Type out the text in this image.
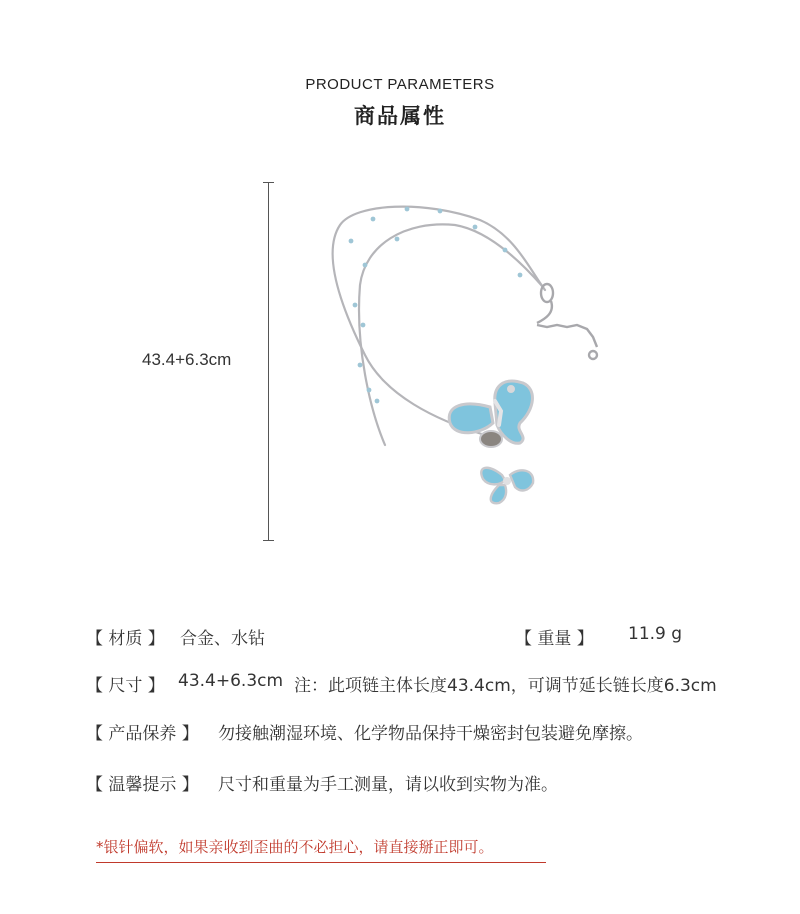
PRODUCT PARAMETERS
商品属性
43.4+6.3cm
【 材质 】 合金、水钻	【 重量 】 11.9 g
【 尺寸 】 43.4+6.3cm 注：此项链主体长度43.4cm，可调节延长链长度6.3cm
【 产品保养 】 勿接触潮湿环境、化学物品保持干燥密封包装避免摩擦。
【 温馨提示 】 尺寸和重量为手工测量，请以收到实物为准。
*银针偏软，如果亲收到歪曲的不必担心，请直接掰正即可。
